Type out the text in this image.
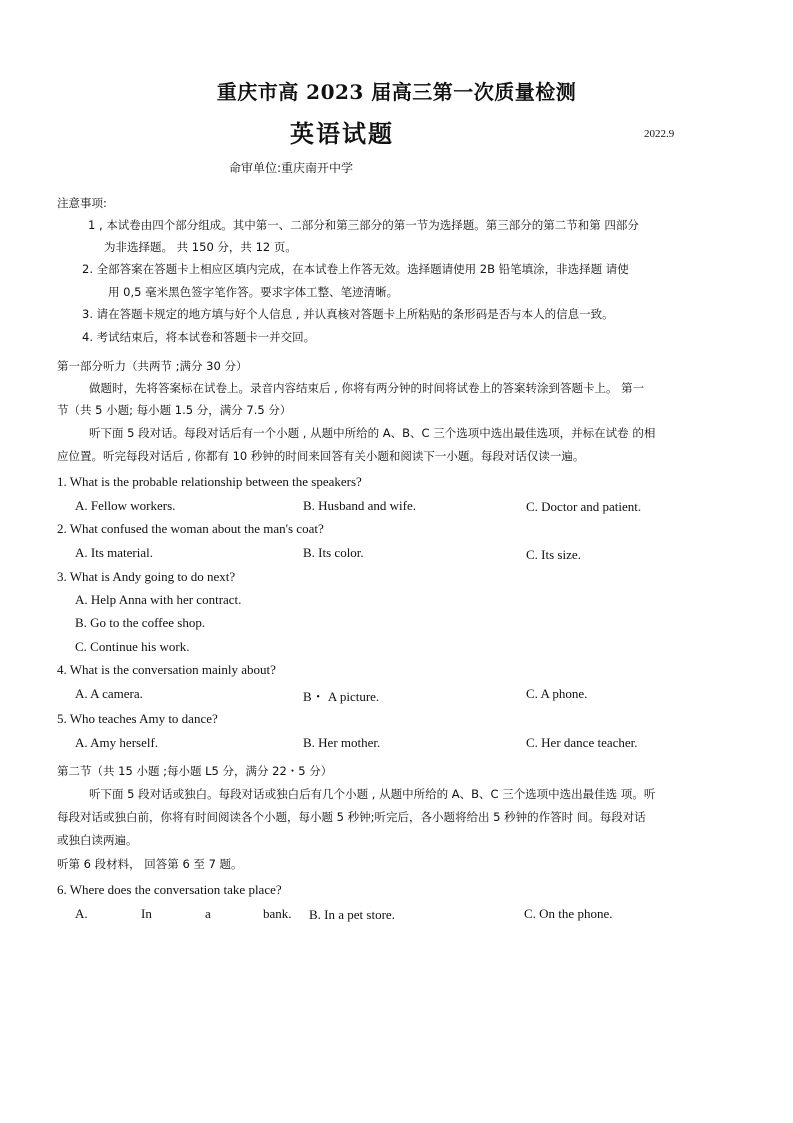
重庆市高 2023 届高三第一次质量检测
英语试题	2022.9
命审单位:重庆南开中学
注意事项:
1 , 本试卷由四个部分组成。其中第一、二部分和第三部分的第一节为选择题。第三部分的第二节和第 四部分
为非选择题。 共 150 分，共 12 页。
2. 全部答案在答题卡上相应区填内完成，在本试卷上作答无效。选择题请使用 2B 铅笔填涂，非选择题 请使
用 0,5 毫米黑色签字笔作答。要求字体工整、笔迹清晰。
3. 请在答题卡规定的地方填与好个人信息 , 并认真核对答题卡上所粘贴的条形码是否与本人的信息一致。
4. 考试结束后，将本试卷和答题卡一并交回。
第一部分听力（共两节 ;满分 30 分）
做题时，先将答案标在试卷上。录音内容结束后 , 你将有两分钟的时间将试卷上的答案转涂到答题卡上。 第一
节（共 5 小题; 每小题 1.5 分，满分 7.5 分）
听下面 5 段对话。每段对话后有一个小题 , 从题中所给的 A、B、C 三个选项中选出最佳选项，并标在试卷 的相
应位置。听完每段对话后 , 你都有 10 秒钟的时间来回答有关小题和阅读下一小题。每段对话仅读一遍。
1. What is the probable relationship between the speakers?
A. Fellow workers.	B. Husband and wife.	C. Doctor and patient.
2. What confused the woman about the man's coat?
A. Its material.	B. Its color.	C. Its size.
3. What is Andy going to do next?
A. Help Anna with her contract.
B. Go to the coffee shop.
C. Continue his work.
4. What is the conversation mainly about?
A. A camera.	B・ A picture.	C. A phone.
5. Who teaches Amy to dance?
A. Amy herself.	B. Her mother.	C. Her dance teacher.
第二节（共 15 小题 ;每小题 L5 分，满分 22・5 分）
听下面 5 段对话或独白。每段对话或独白后有几个小题 , 从题中所给的 A、B、C 三个选项中选出最佳选 项。听
每段对话或独白前，你将有时间阅读各个小题，每小题 5 秒钟;听完后，各小题将给出 5 秒钟的作答时 间。每段对话
或独白读两遍。
听第 6 段材料， 回答第 6 至 7 题。
6. Where does the conversation take place?
A.	In	a	bank. B. In a pet store.	C. On the phone.
